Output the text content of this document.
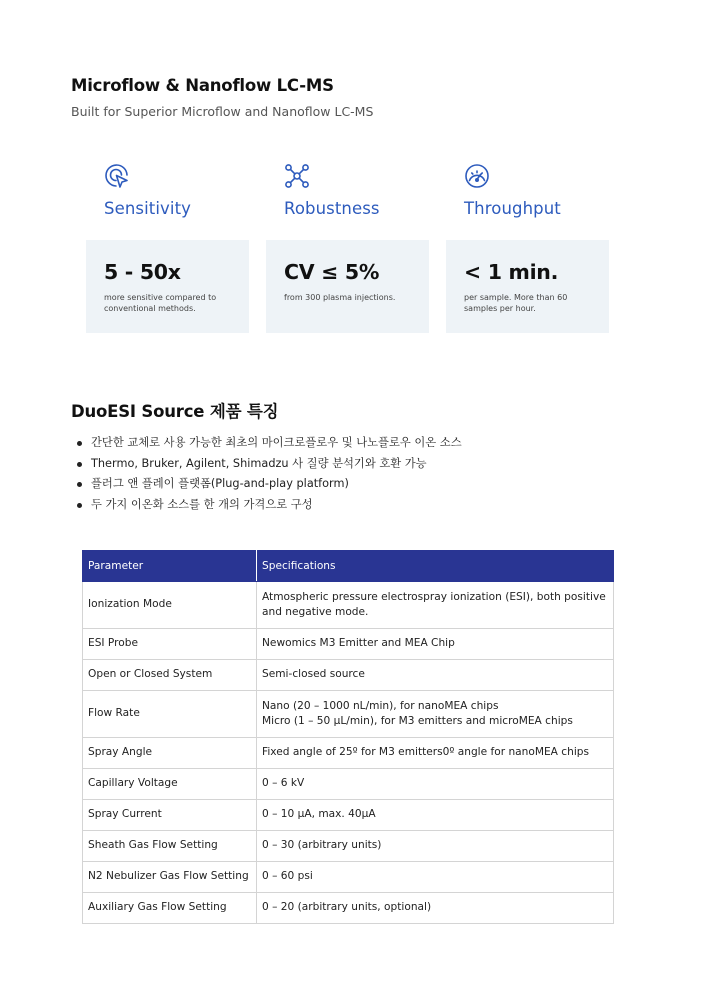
Microflow & Nanoflow LC-MS
Built for Superior Microflow and Nanoflow LC-MS
Sensitivity
5 - 50x
more sensitive compared to conventional methods.
Robustness
CV ≤ 5%
from 300 plasma injections.
Throughput
< 1 min.
per sample. More than 60 samples per hour.
DuoESI Source 제품 특징
간단한 교체로 사용 가능한 최초의 마이크로플로우 및 나노플로우 이온 소스
Thermo, Bruker, Agilent, Shimadzu 사 질량 분석기와 호환 가능
플러그 앤 플레이 플랫폼(Plug-and-play platform)
두 가지 이온화 소스를 한 개의 가격으로 구성
Parameter	Specifications
Ionization Mode	Atmospheric pressure electrospray ionization (ESI), both positive and negative mode.
ESI Probe	Newomics M3 Emitter and MEA Chip
Open or Closed System	Semi-closed source
Flow Rate	Nano (20 – 1000 nL/min), for nanoMEA chips
Micro (1 – 50 μL/min), for M3 emitters and microMEA chips
Spray Angle	Fixed angle of 25º for M3 emitters0º angle for nanoMEA chips
Capillary Voltage	0 – 6 kV
Spray Current	0 – 10 μA, max. 40μA
Sheath Gas Flow Setting	0 – 30 (arbitrary units)
N2 Nebulizer Gas Flow Setting	0 – 60 psi
Auxiliary Gas Flow Setting	0 – 20 (arbitrary units, optional)
